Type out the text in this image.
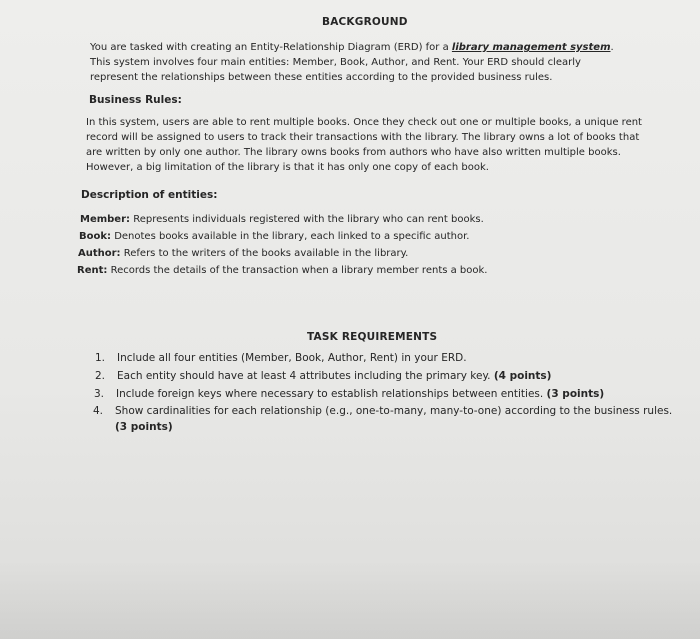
BACKGROUND

You are tasked with creating an Entity-Relationship Diagram (ERD) for a library management system. This system involves four main entities: Member, Book, Author, and Rent. Your ERD should clearly represent the relationships between these entities according to the provided business rules.

Business Rules:

In this system, users are able to rent multiple books. Once they check out one or multiple books, a unique rent record will be assigned to users to track their transactions with the library. The library owns a lot of books that are written by only one author. The library owns books from authors who have also written multiple books. However, a big limitation of the library is that it has only one copy of each book.

Description of entities:
Member: Represents individuals registered with the library who can rent books.
Book: Denotes books available in the library, each linked to a specific author.
Author: Refers to the writers of the books available in the library.
Rent: Records the details of the transaction when a library member rents a book.
TASK REQUIREMENTS
1. Include all four entities (Member, Book, Author, Rent) in your ERD.
2. Each entity should have at least 4 attributes including the primary key. (4 points)
3. Include foreign keys where necessary to establish relationships between entities. (3 points)
4. Show cardinalities for each relationship (e.g., one-to-many, many-to-one) according to the business rules. (3 points)
